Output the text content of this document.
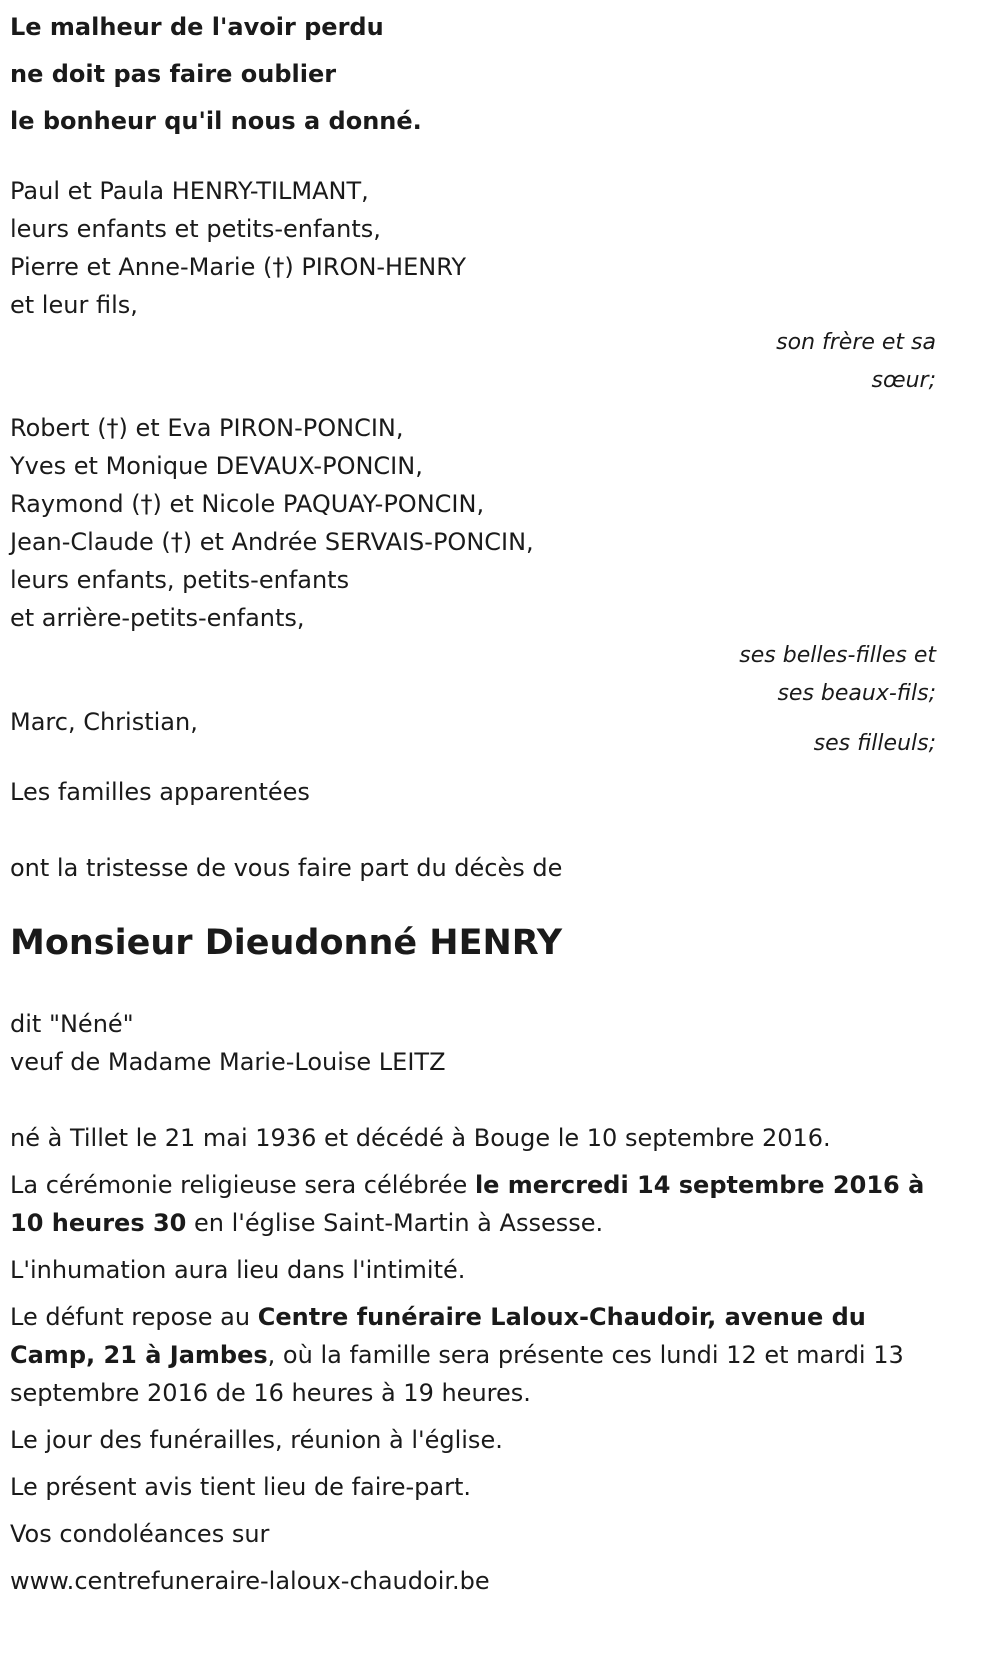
Le malheur de l'avoir perdu
ne doit pas faire oublier
le bonheur qu'il nous a donné.
Paul et Paula HENRY-TILMANT,
leurs enfants et petits-enfants,
Pierre et Anne-Marie (†) PIRON-HENRY
et leur fils,
son frère et sa
sœur;
Robert (†) et Eva PIRON-PONCIN,
Yves et Monique DEVAUX-PONCIN,
Raymond (†) et Nicole PAQUAY-PONCIN,
Jean-Claude (†) et Andrée SERVAIS-PONCIN,
leurs enfants, petits-enfants
et arrière-petits-enfants,
ses belles-filles et
ses beaux-fils;
Marc, Christian,
ses filleuls;
Les familles apparentées
ont la tristesse de vous faire part du décès de
Monsieur Dieudonné HENRY
dit "Néné"
veuf de Madame Marie-Louise LEITZ
né à Tillet le 21 mai 1936 et décédé à Bouge le 10 septembre 2016.
La cérémonie religieuse sera célébrée le mercredi 14 septembre 2016 à 10 heures 30 en l'église Saint-Martin à Assesse.
L'inhumation aura lieu dans l'intimité.
Le défunt repose au Centre funéraire Laloux-Chaudoir, avenue du Camp, 21 à Jambes, où la famille sera présente ces lundi 12 et mardi 13 septembre 2016 de 16 heures à 19 heures.
Le jour des funérailles, réunion à l'église.
Le présent avis tient lieu de faire-part.
Vos condoléances sur
www.centrefuneraire-laloux-chaudoir.be
